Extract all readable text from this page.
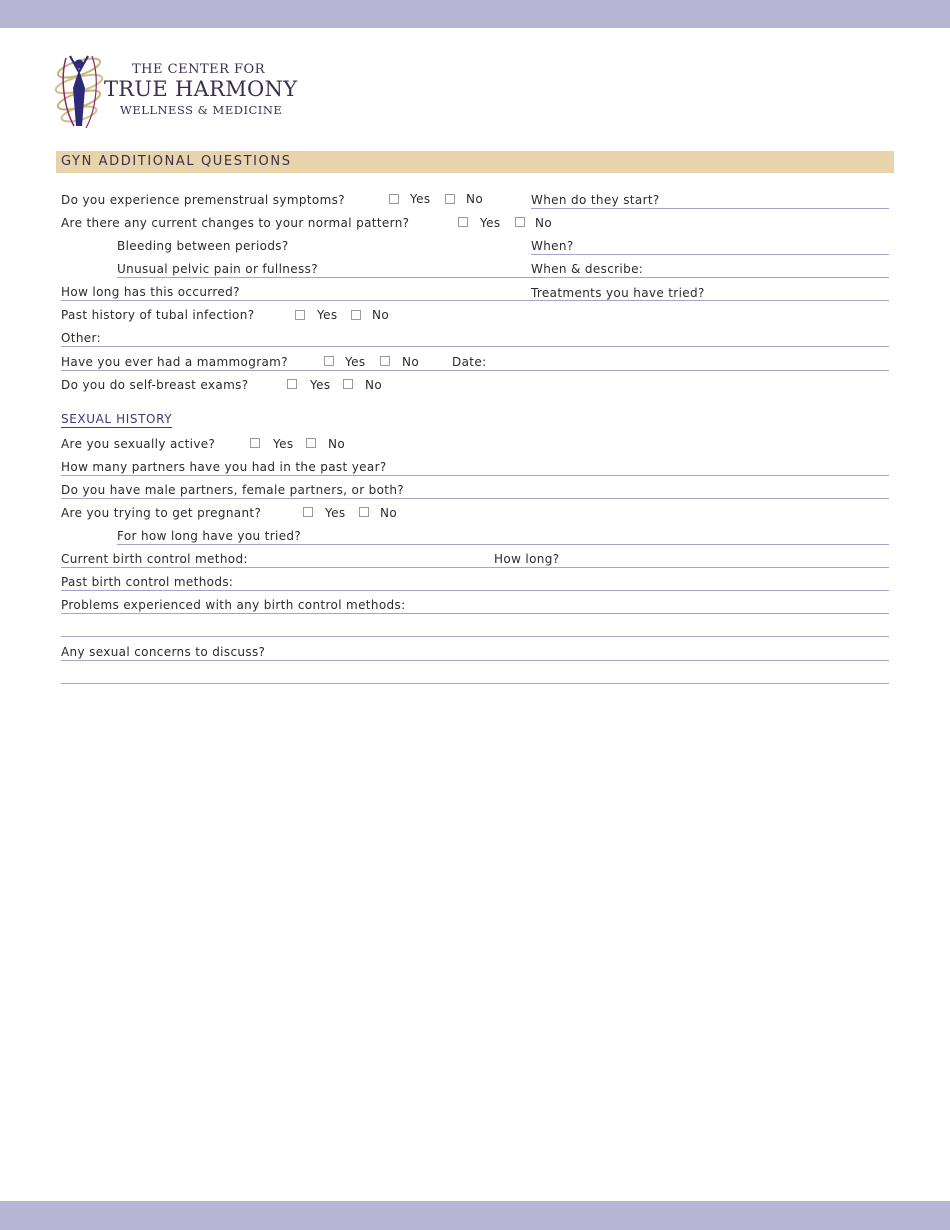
THE CENTER FOR
TRUE HARMONY
WELLNESS & MEDICINE
GYN ADDITIONAL QUESTIONS
Do you experience premenstrual symptoms?	Yes	No	When do they start?
Are there any current changes to your normal pattern?	Yes	No
Bleeding between periods?	When?
Unusual pelvic pain or fullness?	When & describe:
How long has this occurred?	Treatments you have tried?
Past history of tubal infection?	Yes	No
Other:
Have you ever had a mammogram?	Yes	No	Date:
Do you do self-breast exams?	Yes	No
SEXUAL HISTORY
Are you sexually active?	Yes	No
How many partners have you had in the past year?
Do you have male partners, female partners, or both?
Are you trying to get pregnant?	Yes	No
For how long have you tried?
Current birth control method:	How long?
Past birth control methods:
Problems experienced with any birth control methods:
Any sexual concerns to discuss?
